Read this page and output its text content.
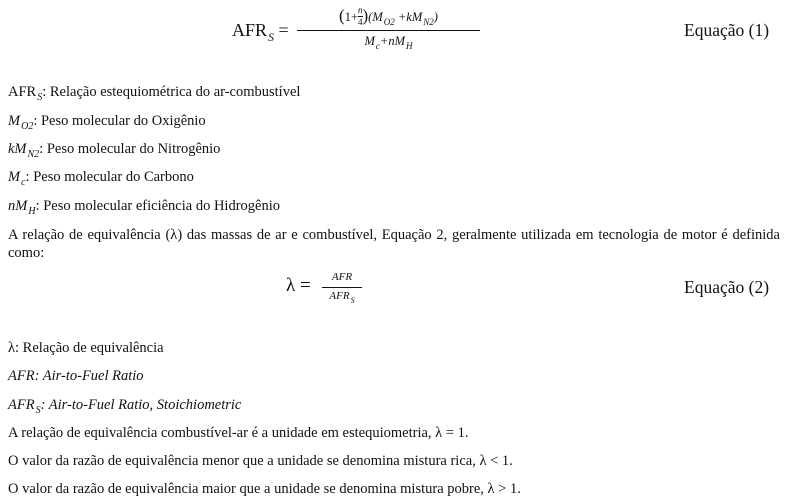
$AFR_S$ =
$(1+\frac{n}{4})(M_{O2} +kM_{N2})$
$M_c+nM_H$
Equação (1)
$AFR_S$: Relação estequiométrica do ar-combustível
$M_{O2}$: Peso molecular do Oxigênio
$kM_{N2}$: Peso molecular do Nitrogênio
$M_c$: Peso molecular do Carbono
$nM_H$: Peso molecular eficiência do Hidrogênio
A relação de equivalência (λ) das massas de ar e combustível, Equação 2, geralmente utilizada em tecnologia de motor é definida como:
λ =	AFR
$AFR_S$
Equação (2)
λ: Relação de equivalência
AFR: Air-to-Fuel Ratio
$AFR_S$: Air-to-Fuel Ratio, Stoichiometric
A relação de equivalência combustível-ar é a unidade em estequiometria, λ = 1.
O valor da razão de equivalência menor que a unidade se denomina mistura rica, λ < 1.
O valor da razão de equivalência maior que a unidade se denomina mistura pobre, λ > 1.
